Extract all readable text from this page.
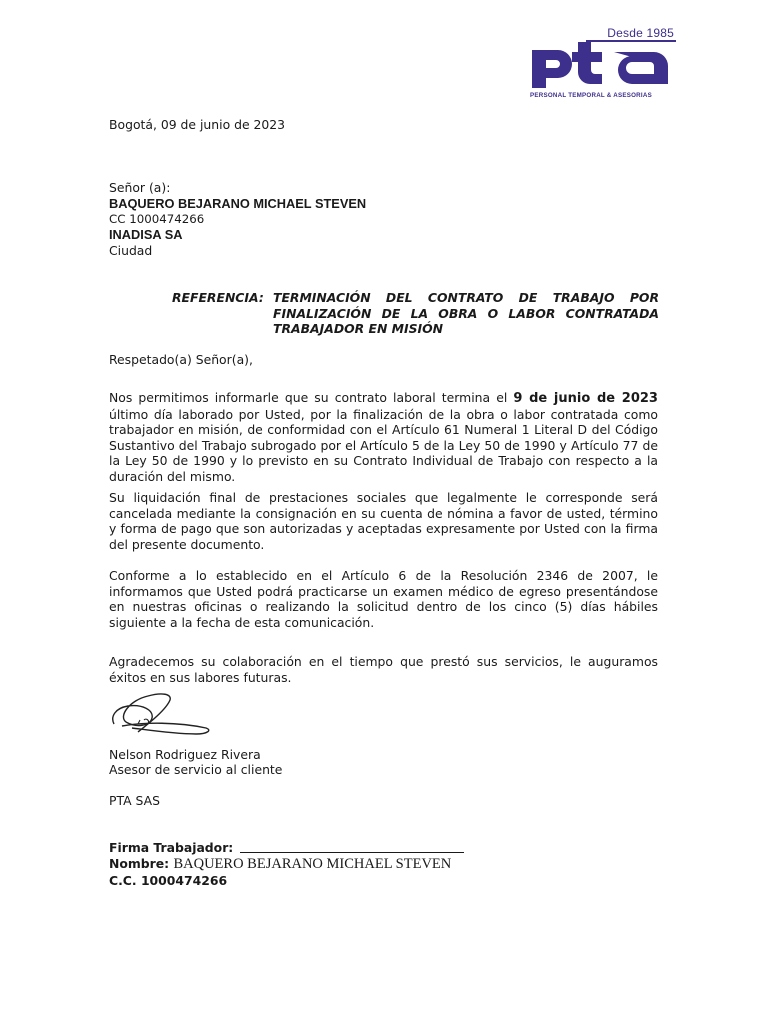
Desde 1985
PERSONAL TEMPORAL & ASESORIAS
Bogotá, 09 de junio de 2023
Señor (a):
BAQUERO BEJARANO MICHAEL STEVEN
CC 1000474266
INADISA SA
Ciudad
REFERENCIA: TERMINACIÓN DEL CONTRATO DE TRABAJO POR
FINALIZACIÓN DE LA OBRA O LABOR CONTRATADA
TRABAJADOR EN MISIÓN
Respetado(a) Señor(a),
Nos permitimos informarle que su contrato laboral termina el 9 de junio de 2023 último día laborado por Usted, por la finalización de la obra o labor contratada como trabajador en misión, de conformidad con el Artículo 61 Numeral 1 Literal D del Código Sustantivo del Trabajo subrogado por el Artículo 5 de la Ley 50 de 1990 y Artículo 77 de la Ley 50 de 1990 y lo previsto en su Contrato Individual de Trabajo con respecto a la duración del mismo.
Su liquidación final de prestaciones sociales que legalmente le corresponde será cancelada mediante la consignación en su cuenta de nómina a favor de usted, término y forma de pago que son autorizadas y aceptadas expresamente por Usted con la firma del presente documento.
Conforme a lo establecido en el Artículo 6 de la Resolución 2346 de 2007, le informamos que Usted podrá practicarse un examen médico de egreso presentándose en nuestras oficinas o realizando la solicitud dentro de los cinco (5) días hábiles siguiente a la fecha de esta comunicación.
Agradecemos su colaboración en el tiempo que prestó sus servicios, le auguramos éxitos en sus labores futuras.
Nelson Rodriguez Rivera
Asesor de servicio al cliente
PTA SAS
Firma Trabajador:
Nombre: BAQUERO BEJARANO MICHAEL STEVEN
C.C. 1000474266
